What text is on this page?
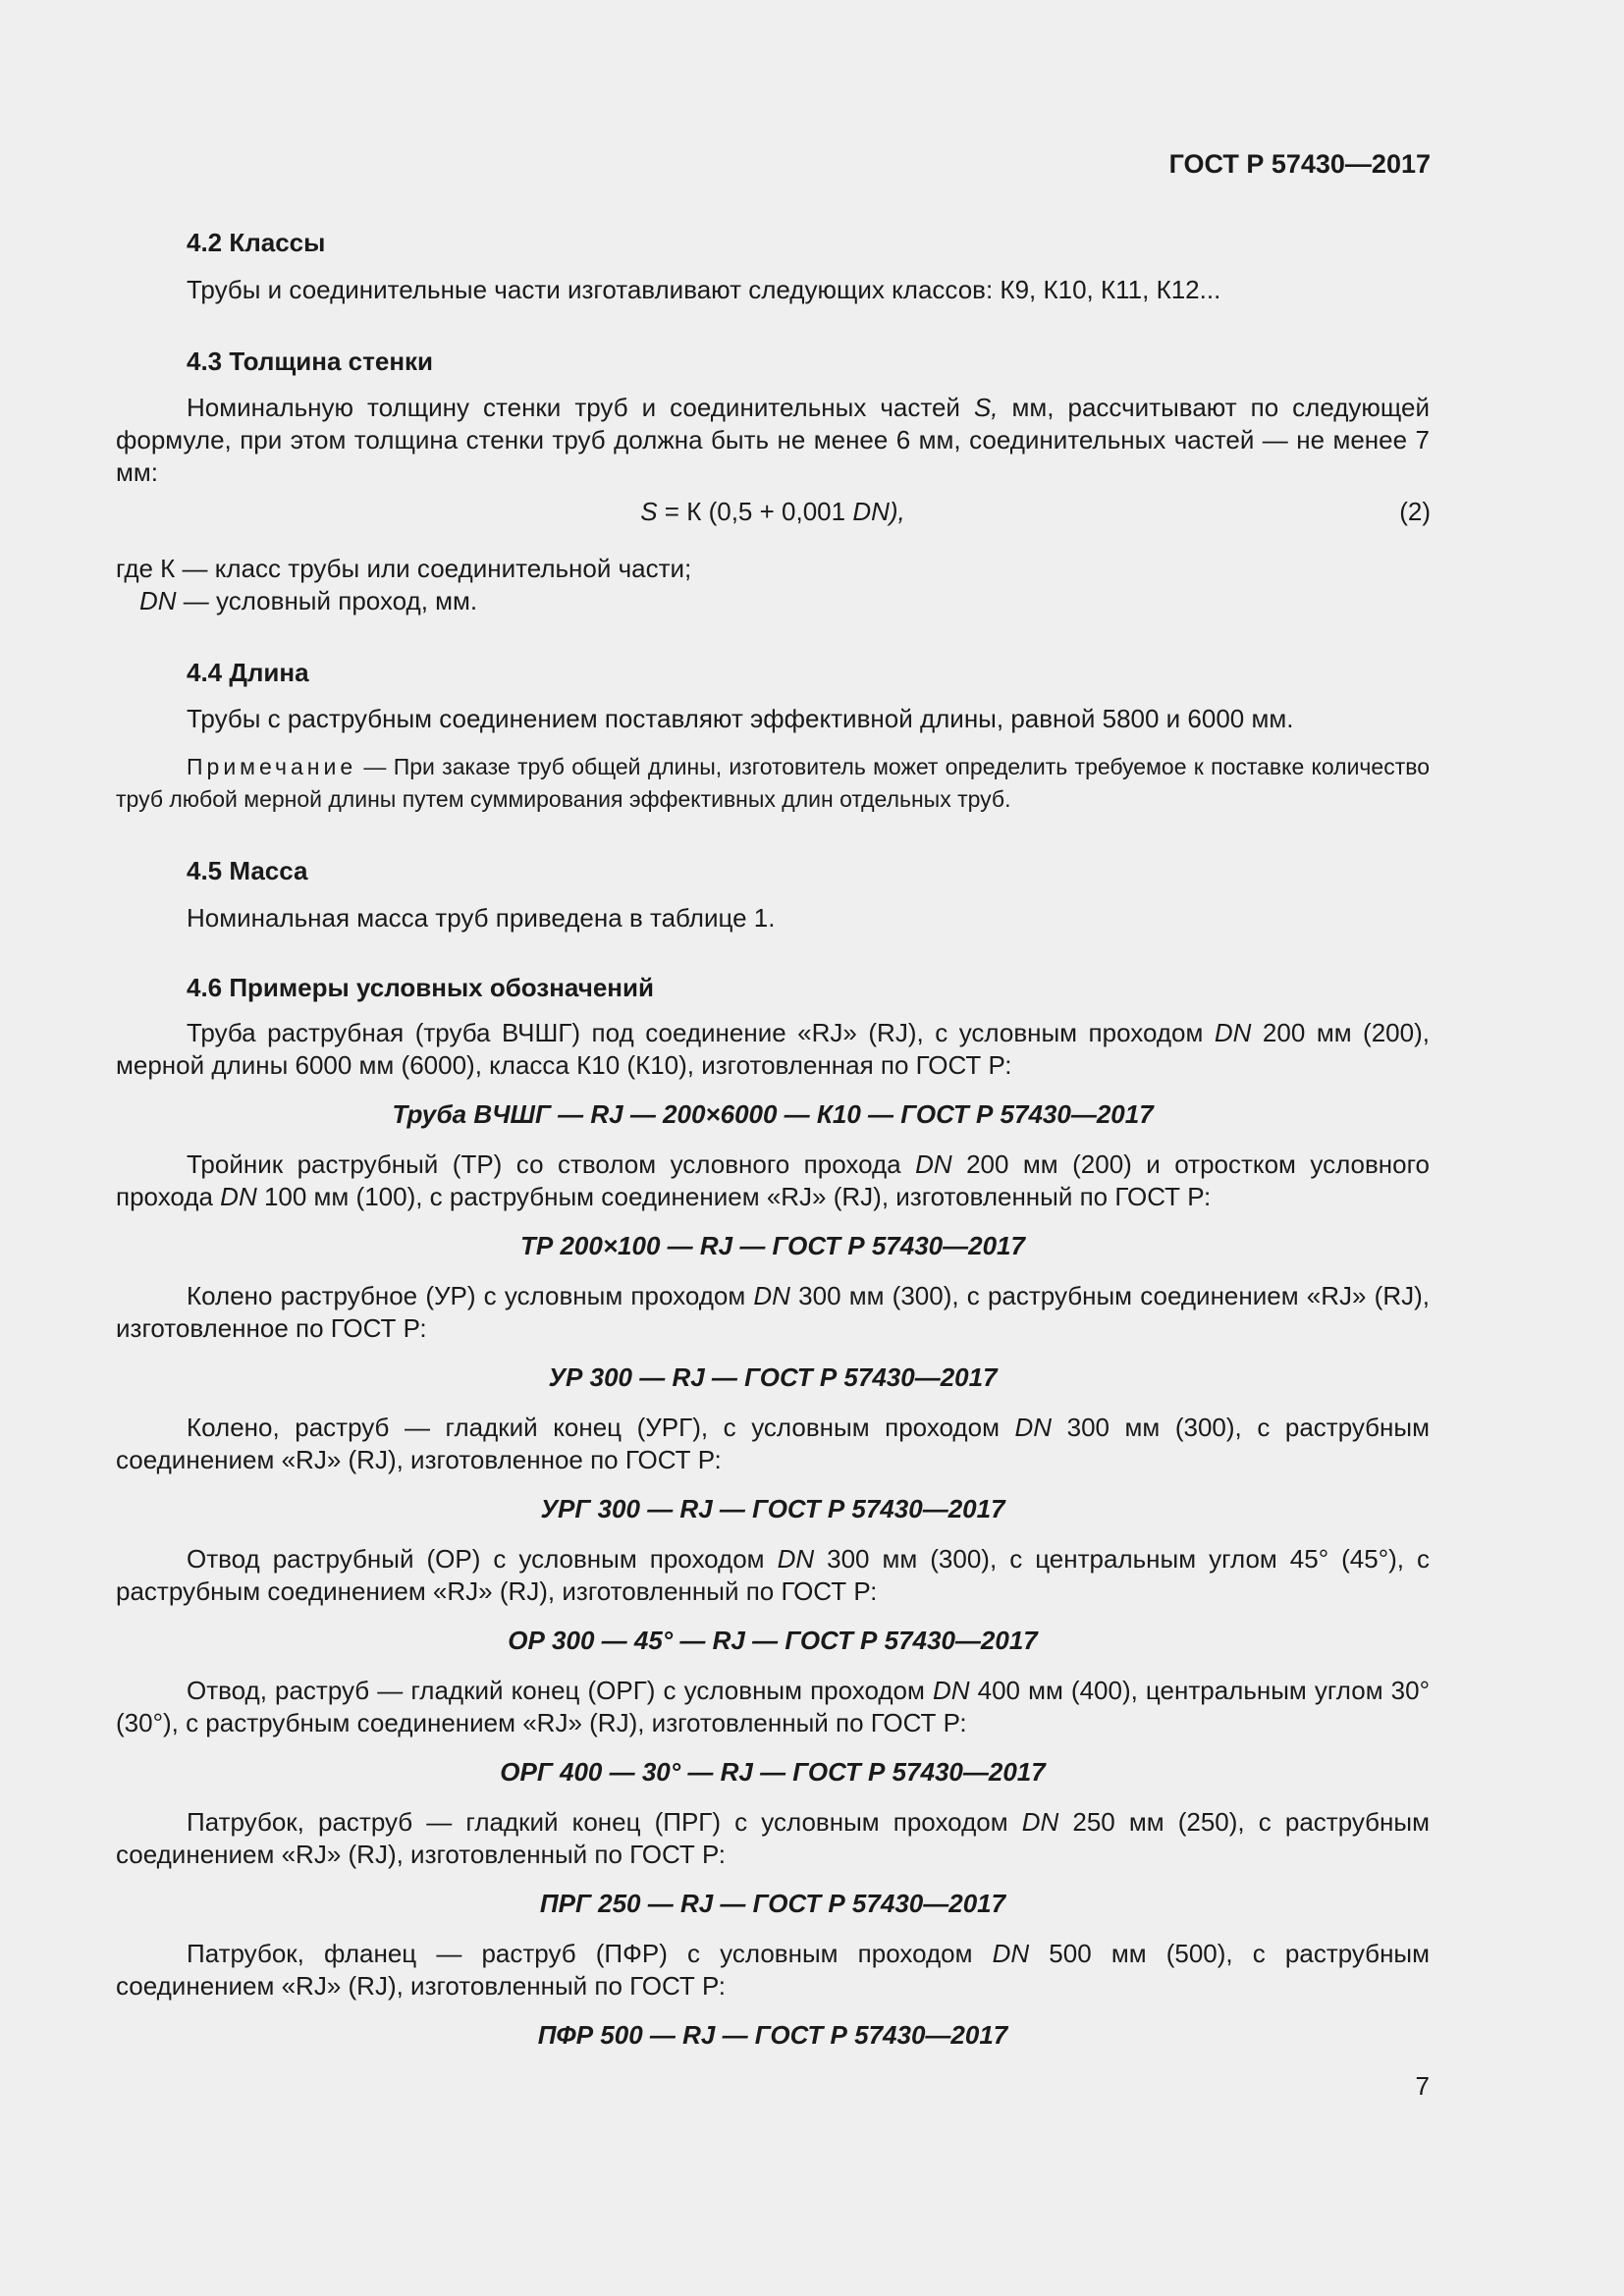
ГОСТ Р 57430—2017
4.2 Классы
Трубы и соединительные части изготавливают следующих классов: К9, К10, К11, К12...
4.3 Толщина стенки

Номинальную толщину стенки труб и соединительных частей S, мм, рассчитывают по следующей формуле, при этом толщина стенки труб должна быть не менее 6 мм, соединительных частей — не менее 7 мм:

S = К (0,5 + 0,001 DN),	(2)
где К — класс трубы или соединительной части;
DN — условный проход, мм.
4.4 Длина
Трубы с раструбным соединением поставляют эффективной длины, равной 5800 и 6000 мм.

Примечание — При заказе труб общей длины, изготовитель может определить требуемое к поставке количество труб любой мерной длины путем суммирования эффективных длин отдельных труб.

4.5 Масса
Номинальная масса труб приведена в таблице 1.
4.6 Примеры условных обозначений

Труба раструбная (труба ВЧШГ) под соединение «RJ» (RJ), с условным проходом DN 200 мм (200), мерной длины 6000 мм (6000), класса К10 (К10), изготовленная по ГОСТ Р:

Труба ВЧШГ — RJ — 200×6000 — К10 — ГОСТ Р 57430—2017

Тройник раструбный (ТР) со стволом условного прохода DN 200 мм (200) и отростком условного прохода DN 100 мм (100), с раструбным соединением «RJ» (RJ), изготовленный по ГОСТ Р:

ТР 200×100 — RJ — ГОСТ Р 57430—2017

Колено раструбное (УР) с условным проходом DN 300 мм (300), с раструбным соединением «RJ» (RJ), изготовленное по ГОСТ Р:

УР 300 — RJ — ГОСТ Р 57430—2017

Колено, раструб — гладкий конец (УРГ), с условным проходом DN 300 мм (300), с раструбным соединением «RJ» (RJ), изготовленное по ГОСТ Р:

УРГ 300 — RJ — ГОСТ Р 57430—2017

Отвод раструбный (ОР) с условным проходом DN 300 мм (300), с центральным углом 45° (45°), с раструбным соединением «RJ» (RJ), изготовленный по ГОСТ Р:

ОР 300 — 45° — RJ — ГОСТ Р 57430—2017

Отвод, раструб — гладкий конец (ОРГ) с условным проходом DN 400 мм (400), центральным углом 30° (30°), с раструбным соединением «RJ» (RJ), изготовленный по ГОСТ Р:

ОРГ 400 — 30° — RJ — ГОСТ Р 57430—2017

Патрубок, раструб — гладкий конец (ПРГ) с условным проходом DN 250 мм (250), с раструбным соединением «RJ» (RJ), изготовленный по ГОСТ Р:

ПРГ 250 — RJ — ГОСТ Р 57430—2017

Патрубок, фланец — раструб (ПФР) с условным проходом DN 500 мм (500), с раструбным соединением «RJ» (RJ), изготовленный по ГОСТ Р:

ПФР 500 — RJ — ГОСТ Р 57430—2017
7
